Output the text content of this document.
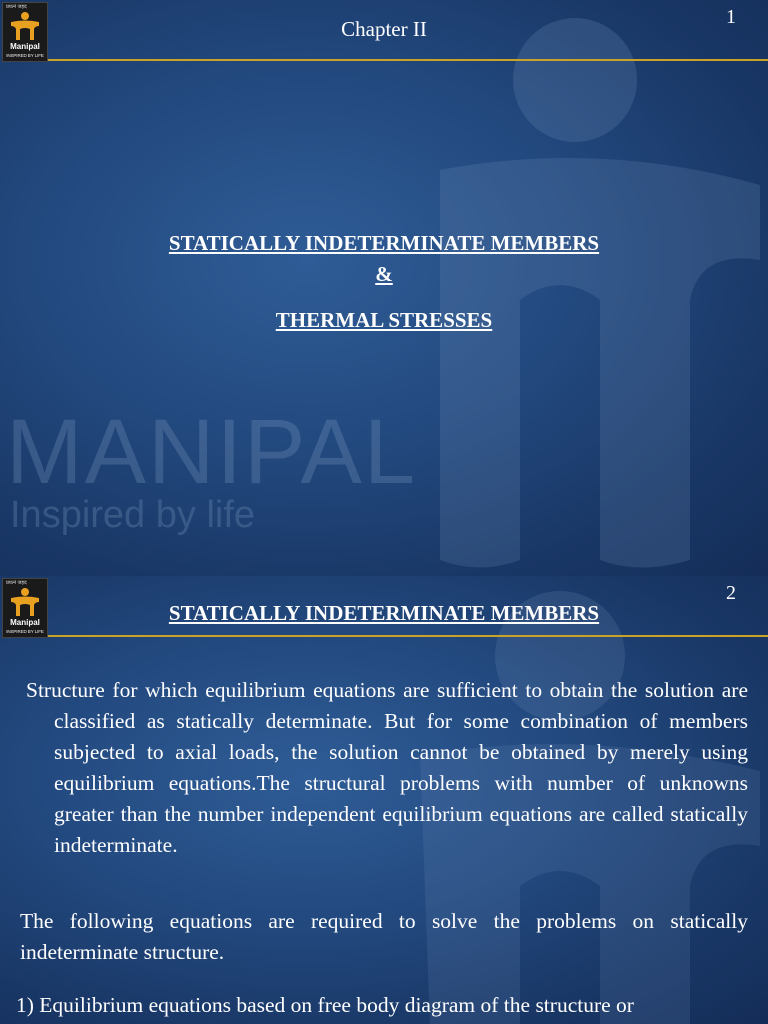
MANIPAL
Inspired by life
प्रयत्नं जहद
Manipal
INSPIRED BY LIFE
Chapter II	1
STATICALLY INDETERMINATE MEMBERS
&
THERMAL STRESSES
प्रयत्नं जहद
Manipal
INSPIRED BY LIFE
2
STATICALLY INDETERMINATE MEMBERS
Structure for which equilibrium equations are sufficient to obtain the solution are classified as statically determinate. But for some combination of members subjected to axial loads, the solution cannot be obtained by merely using equilibrium equations.The structural problems with number of unknowns greater than the number independent equilibrium equations are called statically indeterminate.
The following equations are required to solve the problems on statically indeterminate structure.
1) Equilibrium equations based on free body diagram of the structure or
